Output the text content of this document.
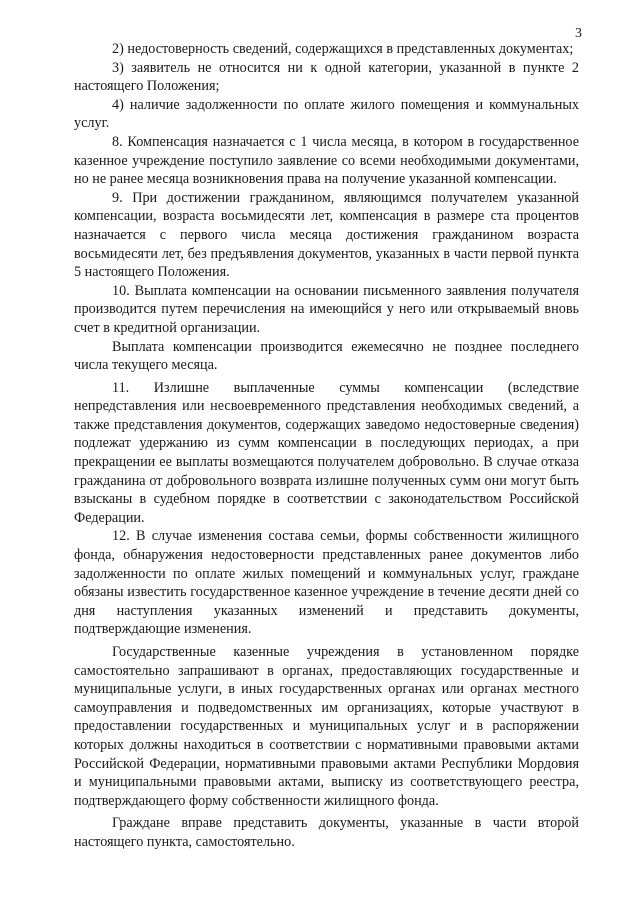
3

2) недостоверность сведений, содержащихся в представленных документах;

3) заявитель не относится ни к одной категории, указанной в пункте 2 настоящего Положения;

4) наличие задолженности по оплате жилого помещения и коммунальных услуг.

8. Компенсация назначается с 1 числа месяца, в котором в государственное казенное учреждение поступило заявление со всеми необходимыми документами, но не ранее месяца возникновения права на получение указанной компенсации.

9. При достижении гражданином, являющимся получателем указанной компенсации, возраста восьмидесяти лет, компенсация в размере ста процентов назначается с первого числа месяца достижения гражданином возраста восьмидесяти лет, без предъявления документов, указанных в части первой пункта 5 настоящего Положения.

10. Выплата компенсации на основании письменного заявления получателя производится путем перечисления на имеющийся у него или открываемый вновь счет в кредитной организации.

Выплата компенсации производится ежемесячно не позднее последнего числа текущего месяца.

11. Излишне выплаченные суммы компенсации (вследствие непредставления или несвоевременного представления необходимых сведений, а также представления документов, содержащих заведомо недостоверные сведения) подлежат удержанию из сумм компенсации в последующих периодах, а при прекращении ее выплаты возмещаются получателем добровольно. В случае отказа гражданина от добровольного возврата излишне полученных сумм они могут быть взысканы в судебном порядке в соответствии с законодательством Российской Федерации.

12. В случае изменения состава семьи, формы собственности жилищного фонда, обнаружения недостоверности представленных ранее документов либо задолженности по оплате жилых помещений и коммунальных услуг, граждане обязаны известить государственное казенное учреждение в течение десяти дней со дня наступления указанных изменений и представить документы, подтверждающие изменения.

Государственные казенные учреждения в установленном порядке самостоятельно запрашивают в органах, предоставляющих государственные и муниципальные услуги, в иных государственных органах или органах местного самоуправления и подведомственных им организациях, которые участвуют в предоставлении государственных и муниципальных услуг и в распоряжении которых должны находиться в соответствии с нормативными правовыми актами Российской Федерации, нормативными правовыми актами Республики Мордовия и муниципальными правовыми актами, выписку из соответствующего реестра, подтверждающего форму собственности жилищного фонда.

Граждане вправе представить документы, указанные в части второй настоящего пункта, самостоятельно.
